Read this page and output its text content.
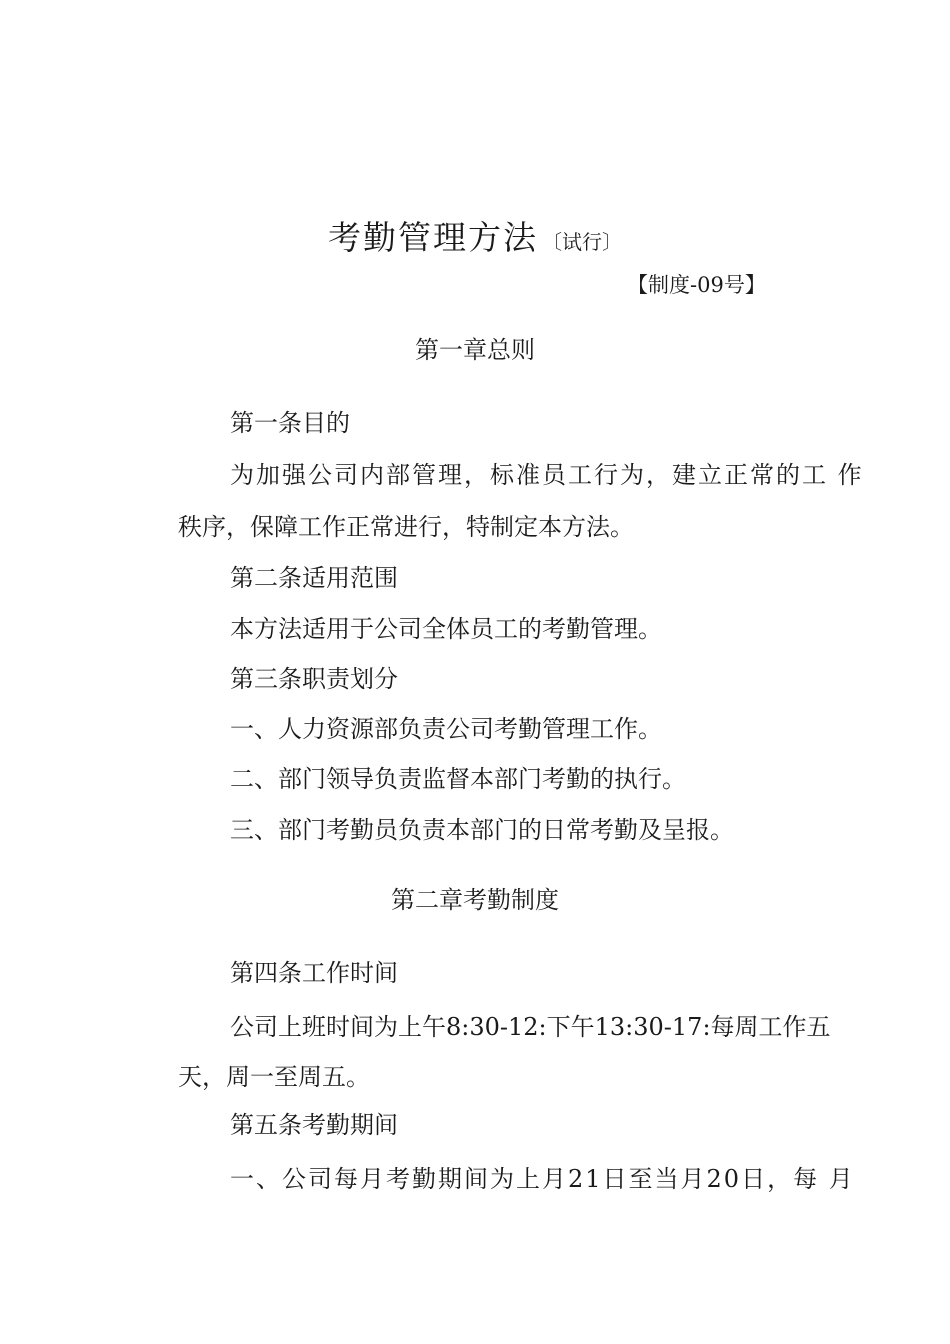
考勤管理方法 〔试行〕
【制度-09号】
第一章总则
第一条目的
为加强公司内部管理，标准员工行为，建立正常的工 作
秩序，保障工作正常进行，特制定本方法。
第二条适用范围
本方法适用于公司全体员工的考勤管理。
第三条职责划分
一、人力资源部负责公司考勤管理工作。
二、部门领导负责监督本部门考勤的执行。
三、部门考勤员负责本部门的日常考勤及呈报。
第二章考勤制度
第四条工作时间
公司上班时间为上午8:30-12:下午13:30-17:每周工作五
天，周一至周五。
第五条考勤期间
一、公司每月考勤期间为上月21日至当月20日，每 月
